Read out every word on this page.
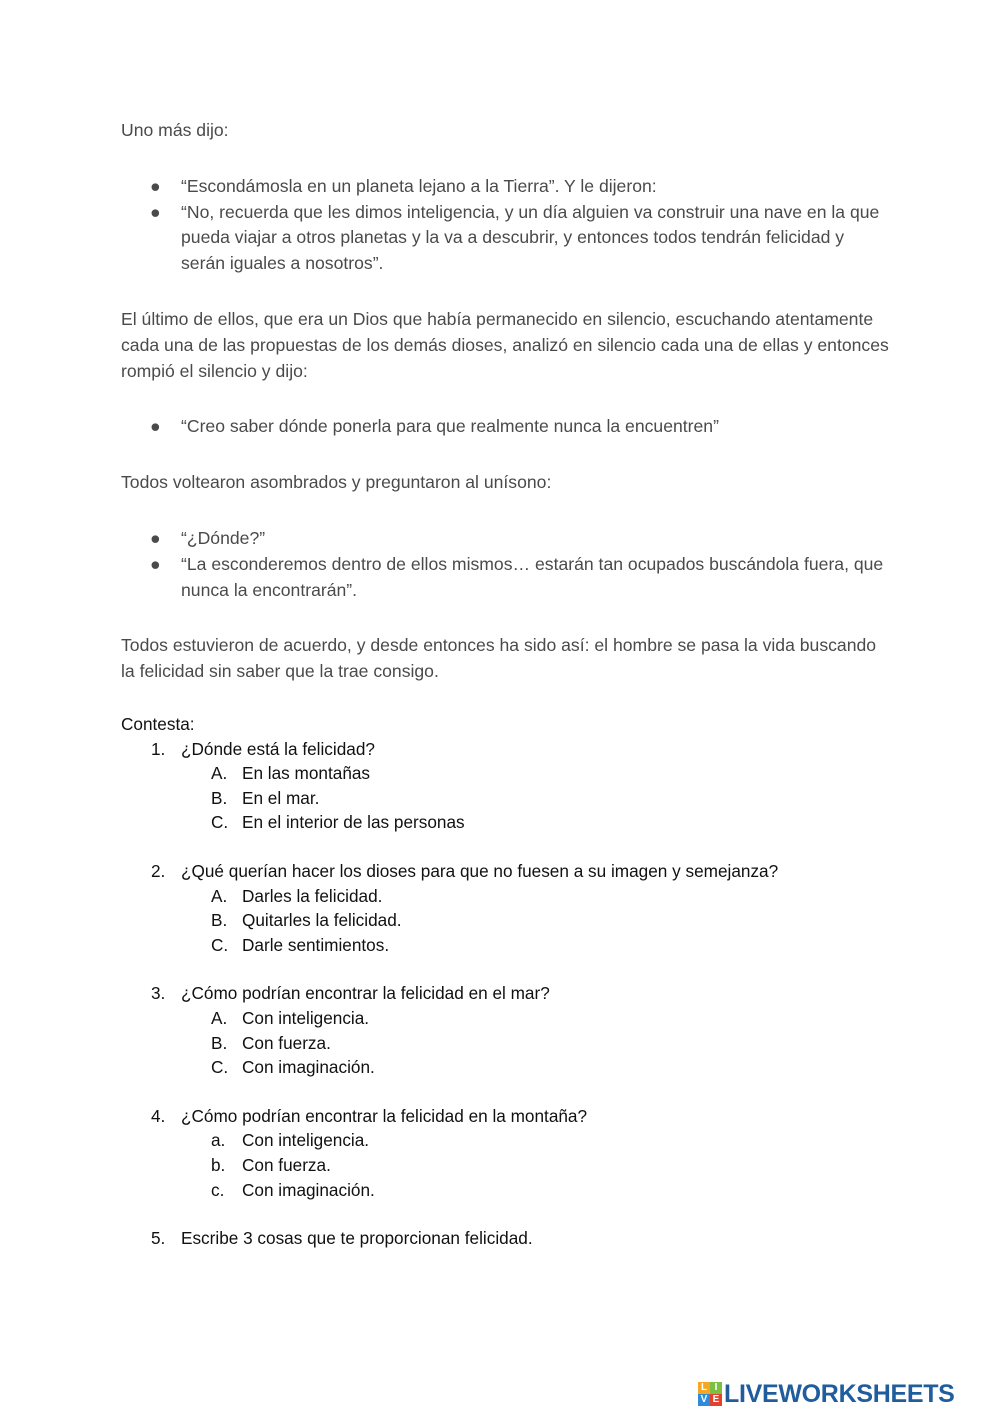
Uno más dijo:

● “Escondámosla en un planeta lejano a la Tierra”. Y le dijeron:
● “No, recuerda que les dimos inteligencia, y un día alguien va construir una nave en la que pueda viajar a otros planetas y la va a descubrir, y entonces todos tendrán felicidad y serán iguales a nosotros”.

El último de ellos, que era un Dios que había permanecido en silencio, escuchando atentamente cada una de las propuestas de los demás dioses, analizó en silencio cada una de ellas y entonces rompió el silencio y dijo:

● “Creo saber dónde ponerla para que realmente nunca la encuentren”

Todos voltearon asombrados y preguntaron al unísono:

● “¿Dónde?”
● “La esconderemos dentro de ellos mismos… estarán tan ocupados buscándola fuera, que nunca la encontrarán”.

Todos estuvieron de acuerdo, y desde entonces ha sido así: el hombre se pasa la vida buscando la felicidad sin saber que la trae consigo.

Contesta:
1. ¿Dónde está la felicidad?
A. En las montañas
B. En el mar.
C. En el interior de las personas
2. ¿Qué querían hacer los dioses para que no fuesen a su imagen y semejanza?
A. Darles la felicidad.
B. Quitarles la felicidad.
C. Darle sentimientos.
3. ¿Cómo podrían encontrar la felicidad en el mar?
A. Con inteligencia.
B. Con fuerza.
C. Con imaginación.
4. ¿Cómo podrían encontrar la felicidad en la montaña?
a. Con inteligencia.
b. Con fuerza.
c. Con imaginación.
5. Escribe 3 cosas que te proporcionan felicidad.
L I
V E LIVEWORKSHEETS
